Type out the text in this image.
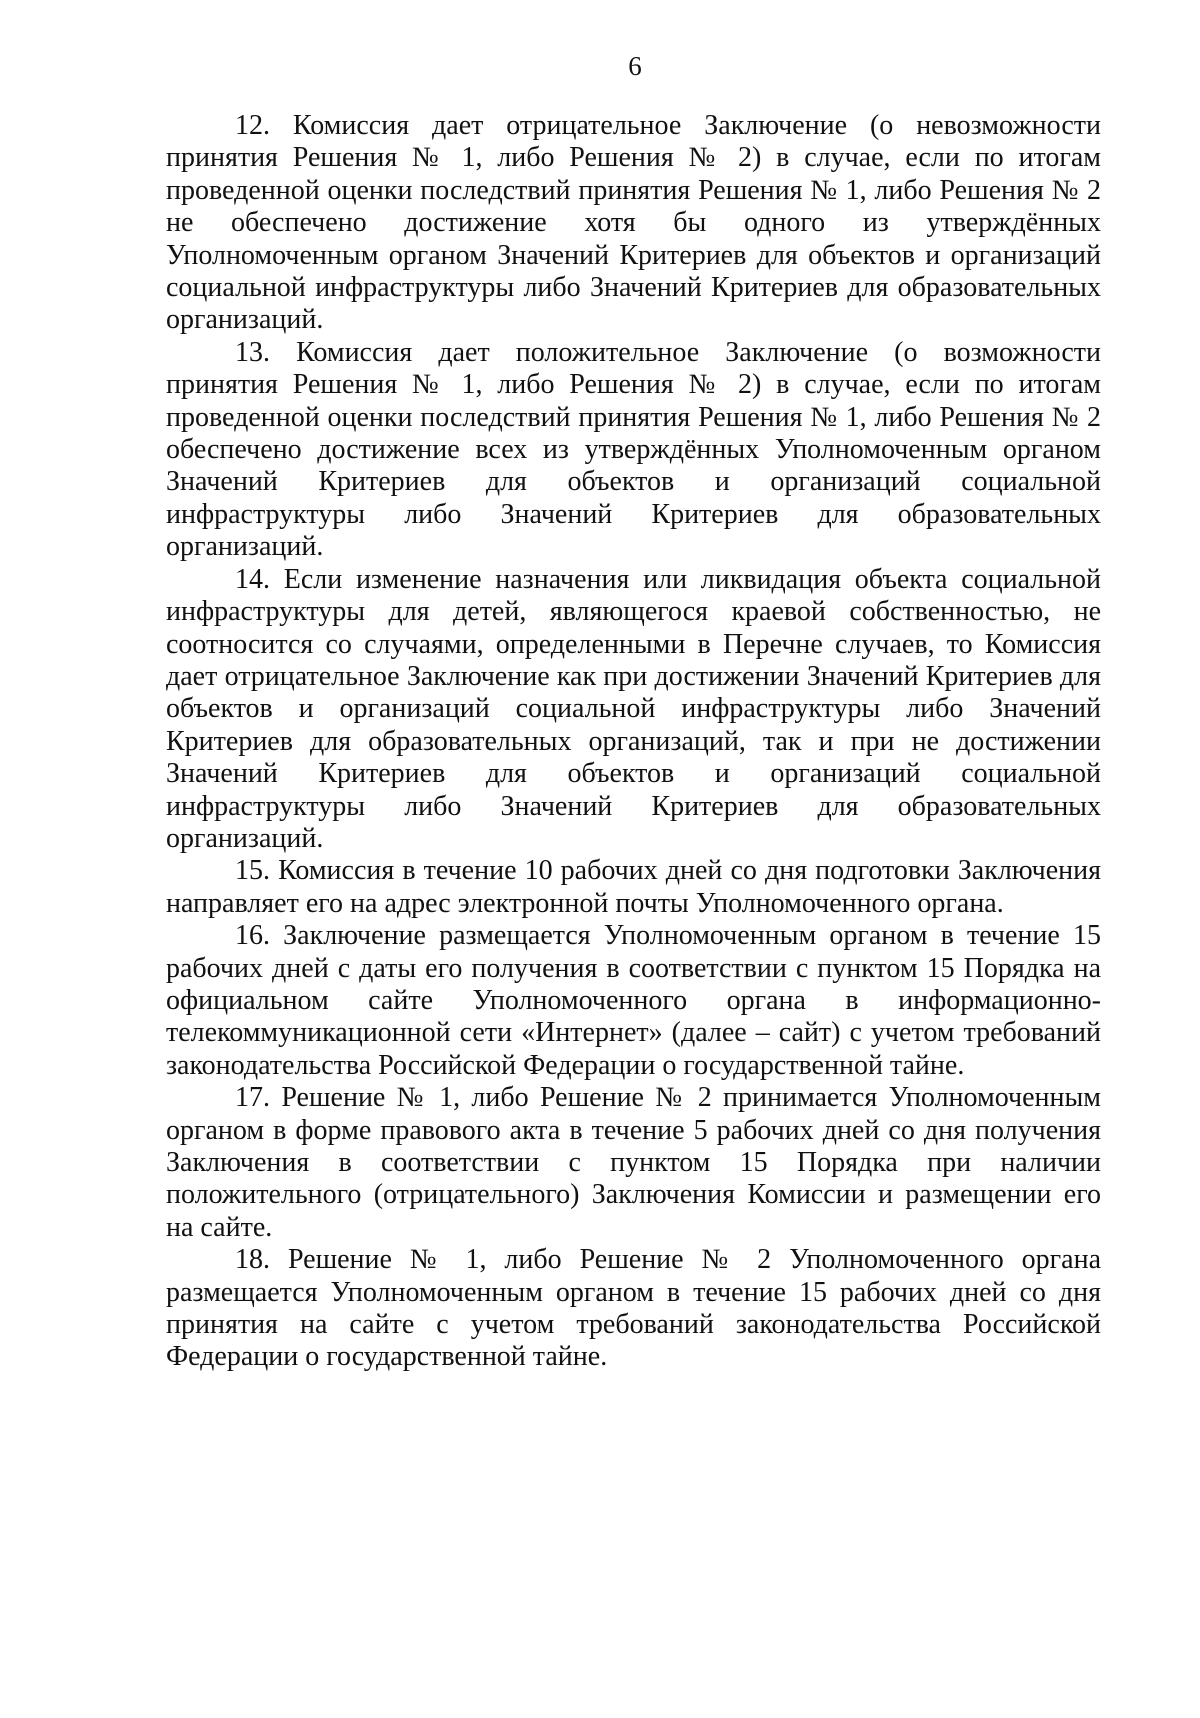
6

12. Комиссия дает отрицательное Заключение (о невозможности принятия Решения № 1, либо Решения № 2) в случае, если по итогам проведенной оценки последствий принятия Решения № 1, либо Решения № 2 не обеспечено достижение хотя бы одного из утверждённых Уполномоченным органом Значений Критериев для объектов и организаций социальной инфраструктуры либо Значений Критериев для образовательных организаций.

13. Комиссия дает положительное Заключение (о возможности принятия Решения № 1, либо Решения № 2) в случае, если по итогам проведенной оценки последствий принятия Решения № 1, либо Решения № 2 обеспечено достижение всех из утверждённых Уполномоченным органом Значений Критериев для объектов и организаций социальной инфраструктуры либо Значений Критериев для образовательных организаций.

14. Если изменение назначения или ликвидация объекта социальной инфраструктуры для детей, являющегося краевой собственностью, не соотносится со случаями, определенными в Перечне случаев, то Комиссия дает отрицательное Заключение как при достижении Значений Критериев для объектов и организаций социальной инфраструктуры либо Значений Критериев для образовательных организаций, так и при не достижении Значений Критериев для объектов и организаций социальной инфраструктуры либо Значений Критериев для образовательных организаций.

15. Комиссия в течение 10 рабочих дней со дня подготовки Заключения направляет его на адрес электронной почты Уполномоченного органа.

16. Заключение размещается Уполномоченным органом в течение 15 рабочих дней с даты его получения в соответствии с пунктом 15 Порядка на официальном сайте Уполномоченного органа в информационно-телекоммуникационной сети «Интернет» (далее – сайт) с учетом требований законодательства Российской Федерации о государственной тайне.

17. Решение № 1, либо Решение № 2 принимается Уполномоченным органом в форме правового акта в течение 5 рабочих дней со дня получения Заключения в соответствии с пунктом 15 Порядка при наличии положительного (отрицательного) Заключения Комиссии и размещении его на сайте.

18. Решение № 1, либо Решение № 2 Уполномоченного органа размещается Уполномоченным органом в течение 15 рабочих дней со дня принятия на сайте с учетом требований законодательства Российской Федерации о государственной тайне.
